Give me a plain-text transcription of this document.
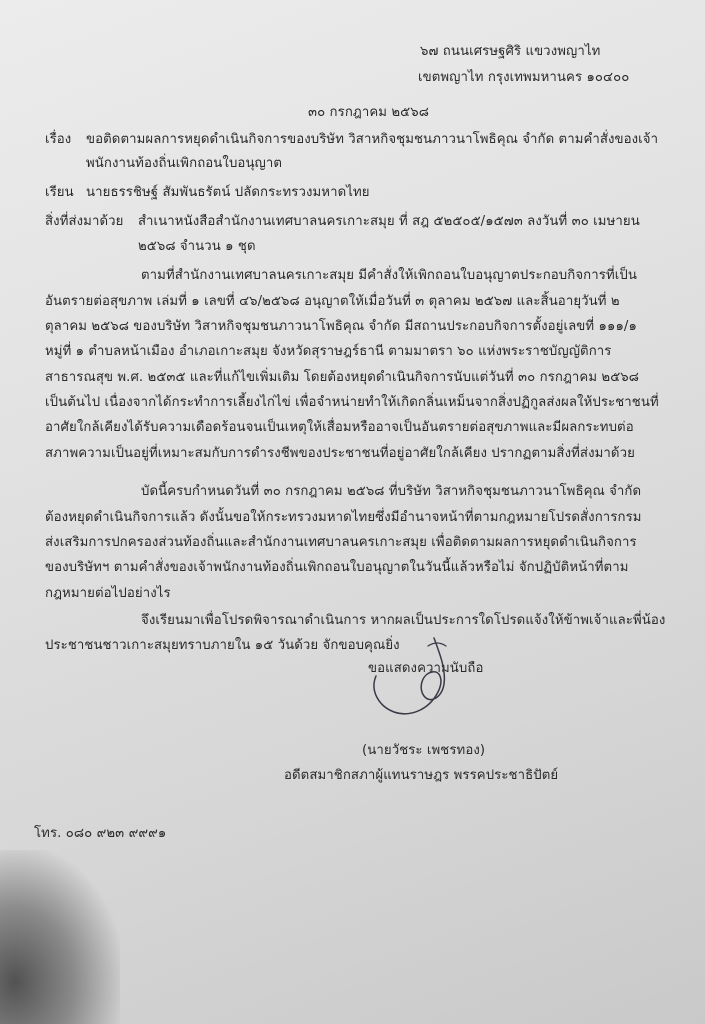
๖๗ ถนนเศรษฐศิริ แขวงพญาไท
เขตพญาไท กรุงเทพมหานคร ๑๐๔๐๐
๓๐ กรกฎาคม ๒๕๖๘
เรื่อง ขอติดตามผลการหยุดดำเนินกิจการของบริษัท วิสาหกิจชุมชนภาวนาโพธิคุณ จำกัด ตามคำสั่งของเจ้า
พนักงานท้องถิ่นเพิกถอนใบอนุญาต
เรียน นายธรรชิษฐ์ สัมพันธรัตน์ ปลัดกระทรวงมหาดไทย
สิ่งที่ส่งมาด้วย สำเนาหนังสือสำนักงานเทศบาลนครเกาะสมุย ที่ สฎ ๕๒๕๐๕/๑๕๗๓ ลงวันที่ ๓๐ เมษายน
๒๕๖๘ จำนวน ๑ ชุด
ตามที่สำนักงานเทศบาลนครเกาะสมุย มีคำสั่งให้เพิกถอนใบอนุญาตประกอบกิจการที่เป็น
อันตรายต่อสุขภาพ เล่มที่ ๑ เลขที่ ๔๖/๒๕๖๘ อนุญาตให้เมื่อวันที่ ๓ ตุลาคม ๒๕๖๗ และสิ้นอายุวันที่ ๒
ตุลาคม ๒๕๖๘ ของบริษัท วิสาหกิจชุมชนภาวนาโพธิคุณ จำกัด มีสถานประกอบกิจการตั้งอยู่เลขที่ ๑๑๑/๑
หมู่ที่ ๑ ตำบลหน้าเมือง อำเภอเกาะสมุย จังหวัดสุราษฎร์ธานี ตามมาตรา ๖๐ แห่งพระราชบัญญัติการ
สาธารณสุข พ.ศ. ๒๕๓๕ และที่แก้ไขเพิ่มเติม โดยต้องหยุดดำเนินกิจการนับแต่วันที่ ๓๐ กรกฎาคม ๒๕๖๘
เป็นต้นไป เนื่องจากได้กระทำการเลี้ยงไก่ไข่ เพื่อจำหน่ายทำให้เกิดกลิ่นเหม็นจากสิ่งปฏิกูลส่งผลให้ประชาชนที่
อาศัยใกล้เคียงได้รับความเดือดร้อนจนเป็นเหตุให้เสื่อมหรืออาจเป็นอันตรายต่อสุขภาพและมีผลกระทบต่อ
สภาพความเป็นอยู่ที่เหมาะสมกับการดำรงชีพของประชาชนที่อยู่อาศัยใกล้เคียง ปรากฏตามสิ่งที่ส่งมาด้วย
บัดนี้ครบกำหนดวันที่ ๓๐ กรกฎาคม ๒๕๖๘ ที่บริษัท วิสาหกิจชุมชนภาวนาโพธิคุณ จำกัด
ต้องหยุดดำเนินกิจการแล้ว ดังนั้นขอให้กระทรวงมหาดไทยซึ่งมีอำนาจหน้าที่ตามกฎหมายโปรดสั่งการกรม
ส่งเสริมการปกครองส่วนท้องถิ่นและสำนักงานเทศบาลนครเกาะสมุย เพื่อติดตามผลการหยุดดำเนินกิจการ
ของบริษัทฯ ตามคำสั่งของเจ้าพนักงานท้องถิ่นเพิกถอนใบอนุญาตในวันนี้แล้วหรือไม่ จักปฏิบัติหน้าที่ตาม
กฎหมายต่อไปอย่างไร
จึงเรียนมาเพื่อโปรดพิจารณาดำเนินการ หากผลเป็นประการใดโปรดแจ้งให้ข้าพเจ้าและพี่น้อง
ประชาชนชาวเกาะสมุยทราบภายใน ๑๕ วันด้วย จักขอบคุณยิ่ง
ขอแสดงความนับถือ
(นายวัชระ เพชรทอง)
อดีตสมาชิกสภาผู้แทนราษฎร พรรคประชาธิปัตย์
โทร. ๐๘๐ ๙๒๓ ๙๙๙๑
